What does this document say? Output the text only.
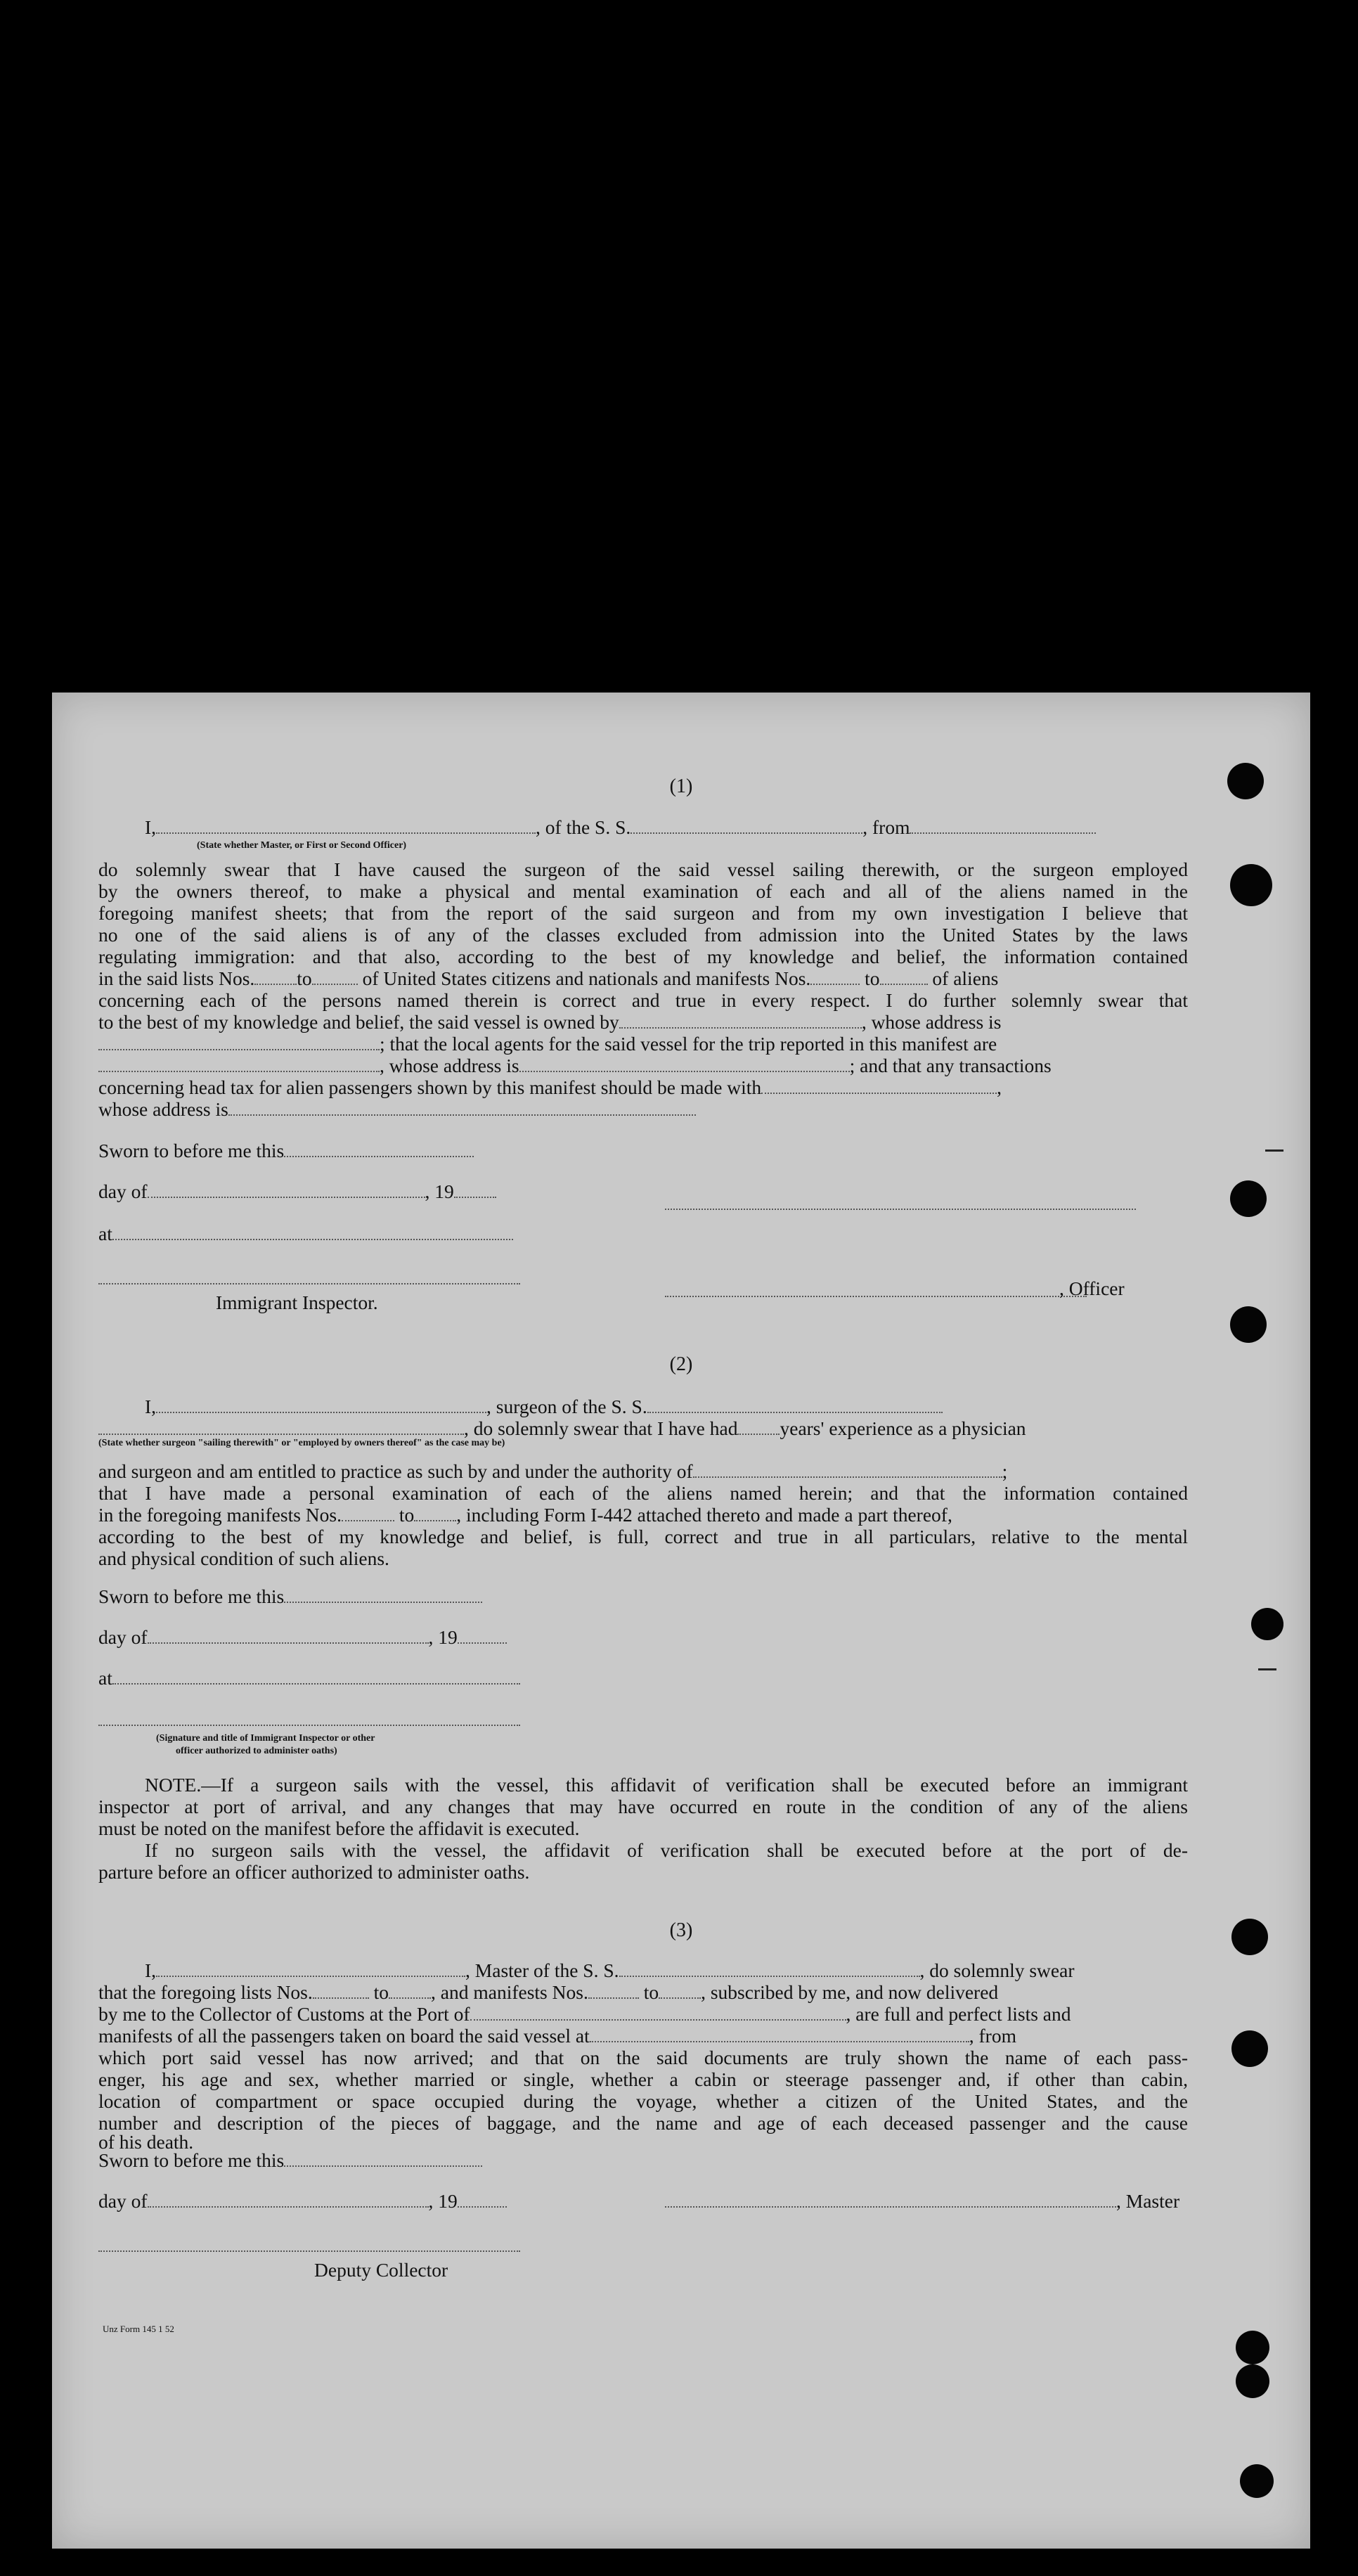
(1)
I,	, of the S. S.	, from
(State whether Master, or First or Second Officer)
do solemnly swear that I have caused the surgeon of the said vessel sailing therewith, or the surgeon employed
by the owners thereof, to make a physical and mental examination of each and all of the aliens named in the
foregoing manifest sheets; that from the report of the said surgeon and from my own investigation I believe that
no one of the said aliens is of any of the classes excluded from admission into the United States by the laws
regulating immigration: and that also, according to the best of my knowledge and belief, the information contained
in the said lists Nos. to	of United States citizens and nationals and manifests Nos.	to	of aliens
concerning each of the persons named therein is correct and true in every respect. I do further solemnly swear that
to the best of my knowledge and belief, the said vessel is owned by	, whose address is
; that the local agents for the said vessel for the trip reported in this manifest are
, whose address is	; and that any transactions
concerning head tax for alien passengers shown by this manifest should be made with	,
whose address is
Sworn to before me this
day of	, 19
at
, Officer
Immigrant Inspector.
(2)
I,	, surgeon of the S. S.
, do solemnly swear that I have had years' experience as a physician
(State whether surgeon "sailing therewith" or "employed by owners thereof" as the case may be)
and surgeon and am entitled to practice as such by and under the authority of	;
that I have made a personal examination of each of the aliens named herein; and that the information contained
in the foregoing manifests Nos.	to , including Form I-442 attached thereto and made a part thereof,
according to the best of my knowledge and belief, is full, correct and true in all particulars, relative to the mental
and physical condition of such aliens.
Sworn to before me this
day of	, 19
at
(Signature and title of Immigrant Inspector or other
officer authorized to administer oaths)
NOTE.—If a surgeon sails with the vessel, this affidavit of verification shall be executed before an immigrant
inspector at port of arrival, and any changes that may have occurred en route in the condition of any of the aliens
must be noted on the manifest before the affidavit is executed.
If no surgeon sails with the vessel, the affidavit of verification shall be executed before at the port of de-
parture before an officer authorized to administer oaths.
(3)
I,	, Master of the S. S.	, do solemnly swear
that the foregoing lists Nos.	to , and manifests Nos.	to , subscribed by me, and now delivered
by me to the Collector of Customs at the Port of	, are full and perfect lists and
manifests of all the passengers taken on board the said vessel at	, from
which port said vessel has now arrived; and that on the said documents are truly shown the name of each pass-
enger, his age and sex, whether married or single, whether a cabin or steerage passenger and, if other than cabin,
location of compartment or space occupied during the voyage, whether a citizen of the United States, and the
number and description of the pieces of baggage, and the name and age of each deceased passenger and the cause
of his death.
Sworn to before me this
day of	, 19	, Master
Deputy Collector
Unz Form 145 1 52
